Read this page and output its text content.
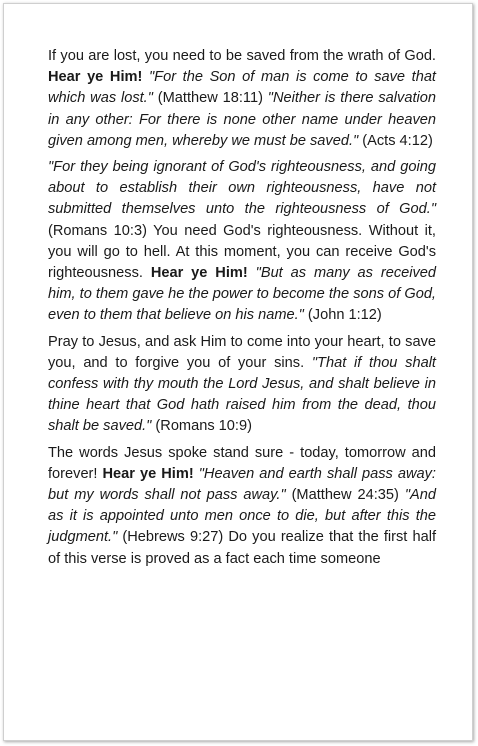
If you are lost, you need to be saved from the wrath of God. Hear ye Him! "For the Son of man is come to save that which was lost." (Matthew 18:11) "Neither is there salvation in any other: For there is none other name under heaven given among men, whereby we must be saved." (Acts 4:12)

"For they being ignorant of God's righteousness, and going about to establish their own righteousness, have not submitted themselves unto the righteousness of God." (Romans 10:3) You need God's righteousness. Without it, you will go to hell. At this moment, you can receive God's righteousness. Hear ye Him! "But as many as received him, to them gave he the power to become the sons of God, even to them that believe on his name." (John 1:12)

Pray to Jesus, and ask Him to come into your heart, to save you, and to forgive you of your sins. "That if thou shalt confess with thy mouth the Lord Jesus, and shalt believe in thine heart that God hath raised him from the dead, thou shalt be saved." (Romans 10:9)

The words Jesus spoke stand sure - today, tomorrow and forever! Hear ye Him! "Heaven and earth shall pass away: but my words shall not pass away." (Matthew 24:35) "And as it is appointed unto men once to die, but after this the judgment." (Hebrews 9:27) Do you realize that the first half of this verse is proved as a fact each time someone
